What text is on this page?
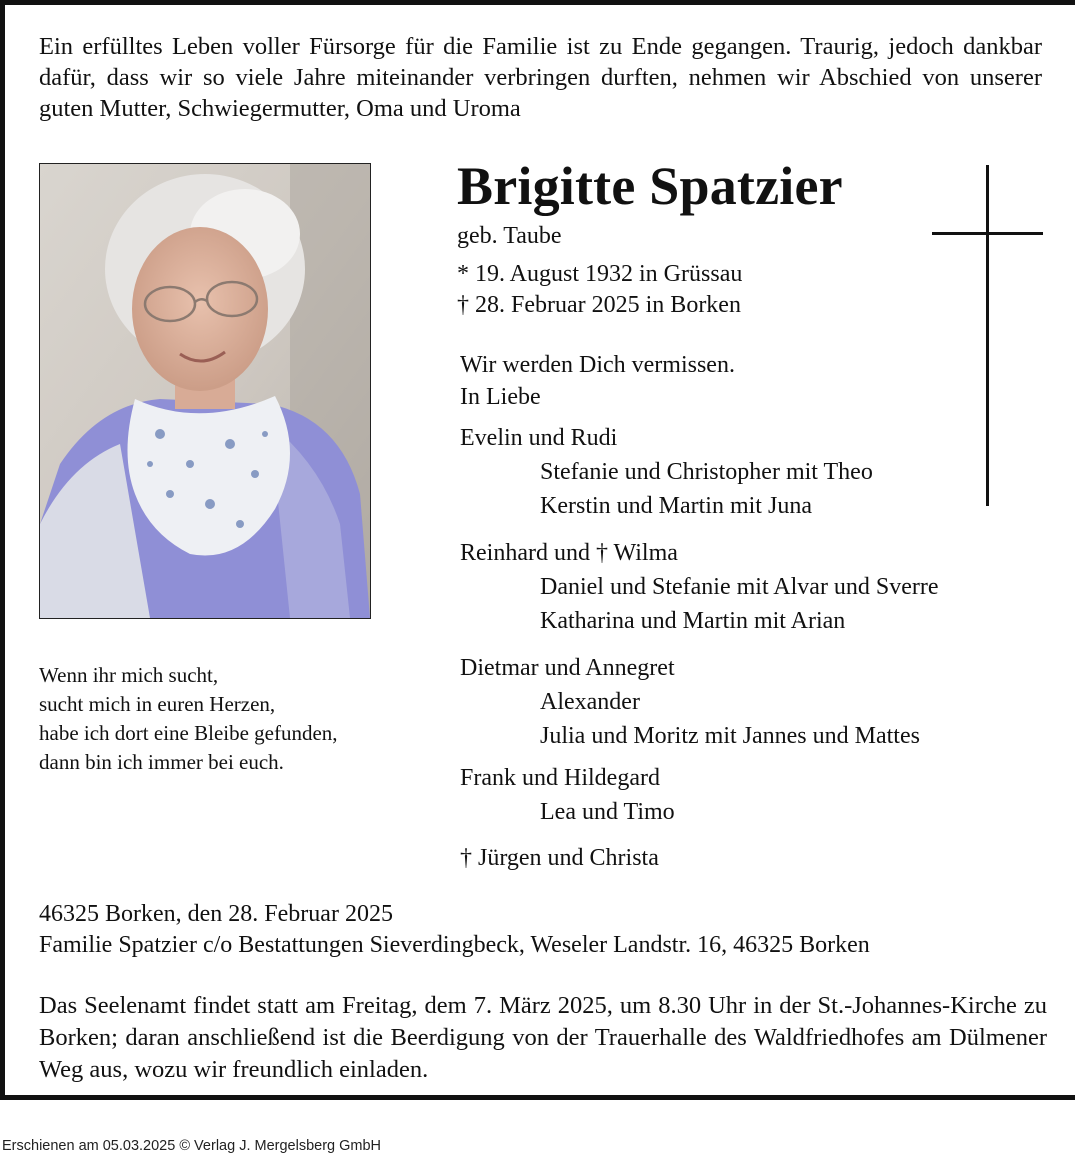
Ein erfülltes Leben voller Fürsorge für die Familie ist zu Ende gegangen. Traurig, jedoch dankbar dafür, dass wir so viele Jahre miteinander verbringen durften, nehmen wir Abschied von unserer guten Mutter, Schwiegermutter, Oma und Uroma
Wenn ihr mich sucht,
sucht mich in euren Herzen,
habe ich dort eine Bleibe gefunden,
dann bin ich immer bei euch.
Brigitte Spatzier
geb. Taube
* 19. August 1932 in Grüssau
† 28. Februar 2025 in Borken
Wir werden Dich vermissen.
In Liebe
Evelin und Rudi
Stefanie und Christopher mit Theo
Kerstin und Martin mit Juna
Reinhard und † Wilma
Daniel und Stefanie mit Alvar und Sverre
Katharina und Martin mit Arian
Dietmar und Annegret
Alexander
Julia und Moritz mit Jannes und Mattes
Frank und Hildegard
Lea und Timo
† Jürgen und Christa
46325 Borken, den 28. Februar 2025
Familie Spatzier c/o Bestattungen Sieverdingbeck, Weseler Landstr. 16, 46325 Borken
Das Seelenamt findet statt am Freitag, dem 7. März 2025, um 8.30 Uhr in der St.-Johannes-Kirche zu Borken; daran anschließend ist die Beerdigung von der Trauerhalle des Waldfriedhofes am Dülmener Weg aus, wozu wir freundlich einladen.
Erschienen am 05.03.2025 © Verlag J. Mergelsberg GmbH
